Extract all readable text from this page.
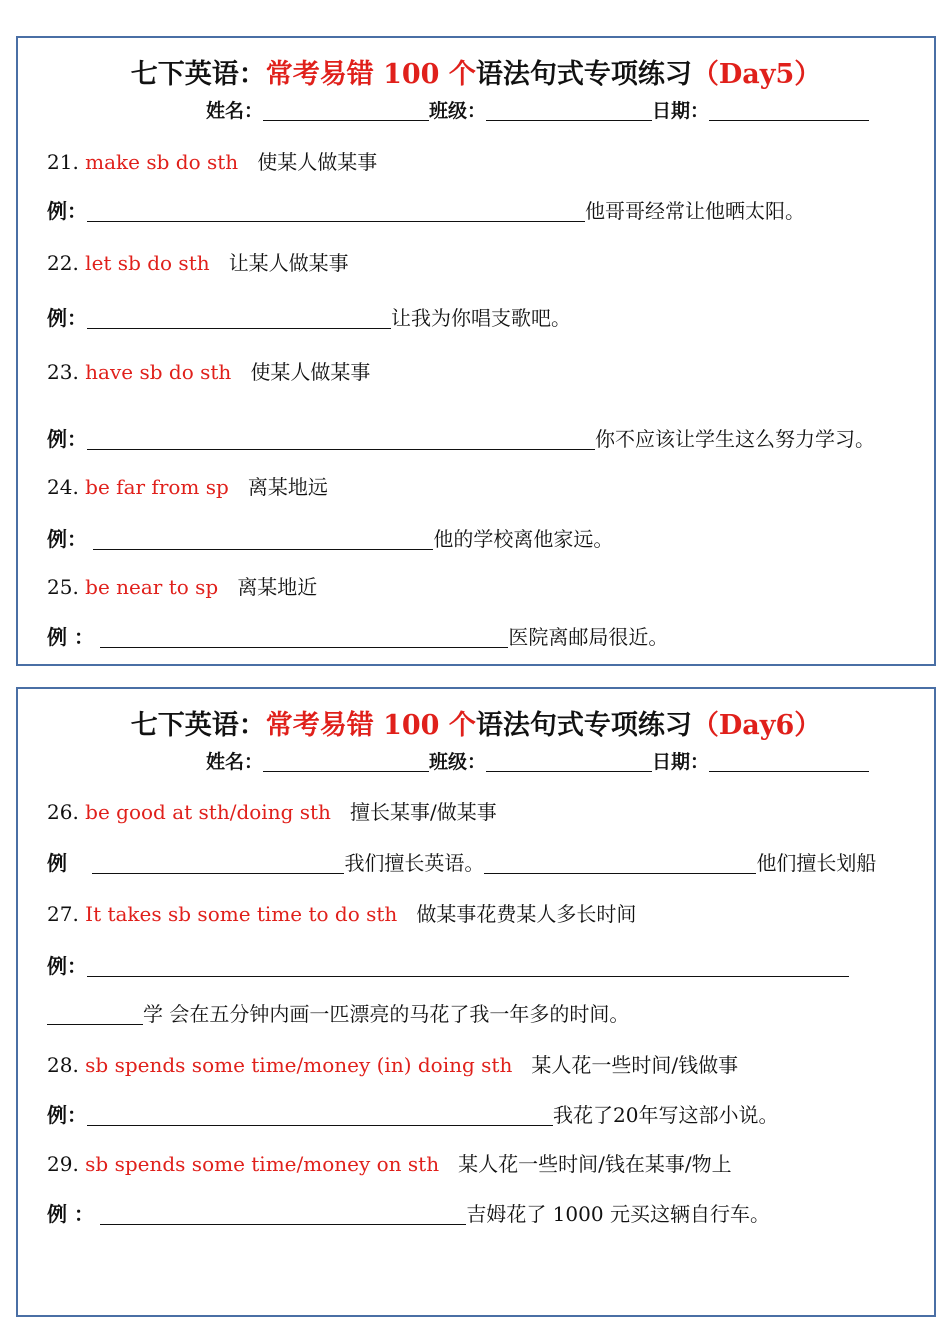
七下英语：常考易错 100 个语法句式专项练习（Day5）
姓名：	班级：	日期：
21. make sb do sth 使某人做某事
例：	他哥哥经常让他晒太阳。
22. let sb do sth 让某人做某事
例：	让我为你唱支歌吧。
23. have sb do sth 使某人做某事
例：	你不应该让学生这么努力学习。
24. be far from sp 离某地远
例：	他的学校离他家远。
25. be near to sp 离某地近
例 ：	医院离邮局很近。
七下英语：常考易错 100 个语法句式专项练习（Day6）
姓名：	班级：	日期：
26. be good at sth/doing sth 擅长某事/做某事
例	我们擅长英语。	他们擅长划船
27. It takes sb some time to do sth 做某事花费某人多长时间
例：
学 会在五分钟内画一匹漂亮的马花了我一年多的时间。
28. sb spends some time/money (in) doing sth 某人花一些时间/钱做事
例：	我花了20年写这部小说。
29. sb spends some time/money on sth 某人花一些时间/钱在某事/物上
例 ：	吉姆花了 1000 元买这辆自行车。
